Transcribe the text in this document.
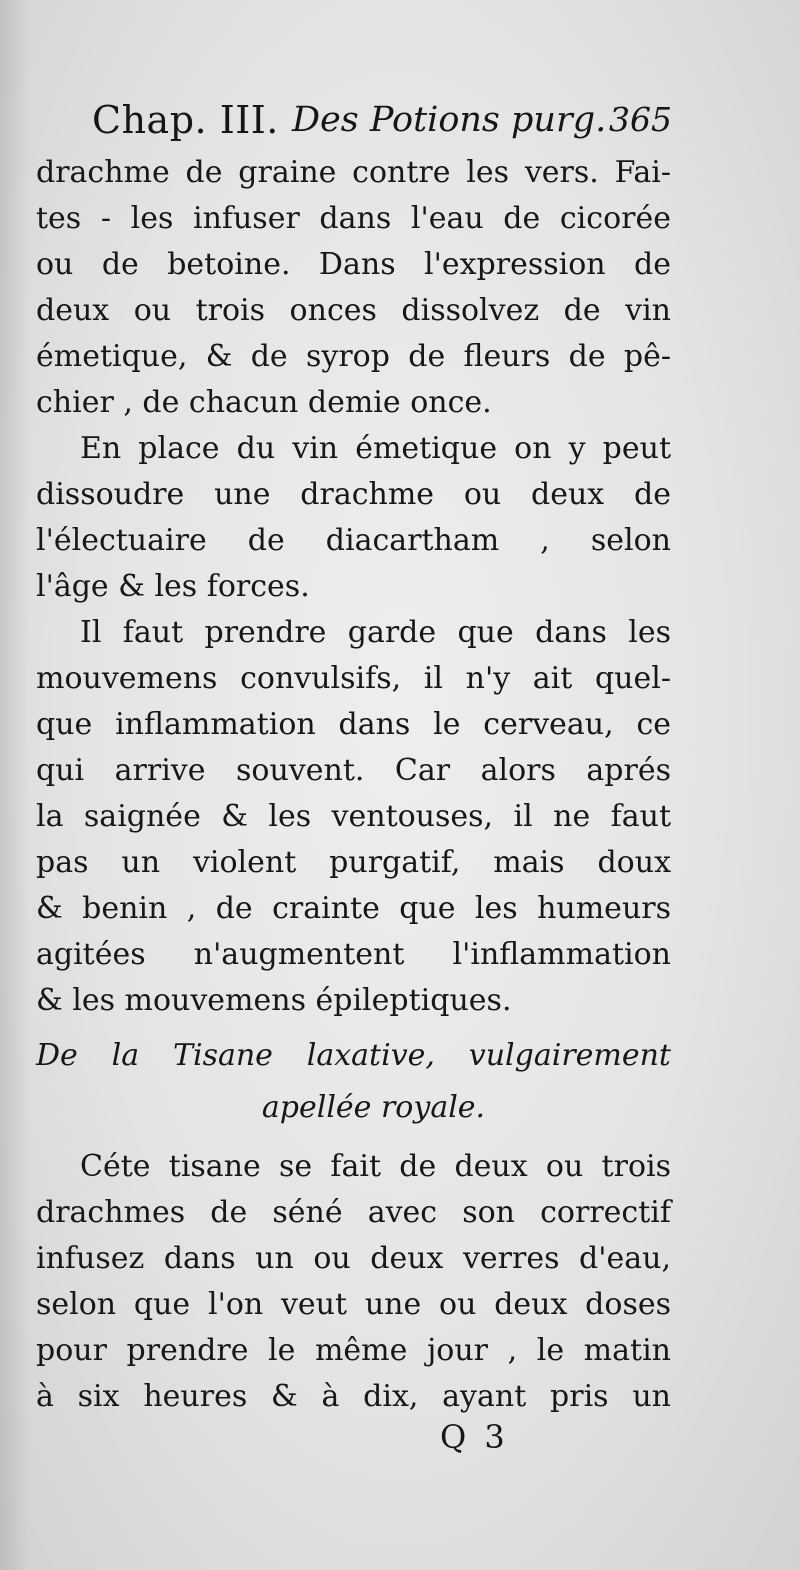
Chap. III. Des Potions purg. 365
drachme de graine contre les vers. Fai-
tes - les infuser dans l'eau de cicorée
ou de betoine. Dans l'expression de
deux ou trois onces dissolvez de vin
émetique, & de syrop de fleurs de pê-
chier , de chacun demie once.
En place du vin émetique on y peut
dissoudre une drachme ou deux de
l'électuaire de diacartham , selon
l'âge & les forces.
Il faut prendre garde que dans les
mouvemens convulsifs, il n'y ait quel-
que inflammation dans le cerveau, ce
qui arrive souvent. Car alors aprés
la saignée & les ventouses, il ne faut
pas un violent purgatif, mais doux
& benin , de crainte que les humeurs
agitées n'augmentent l'inflammation
& les mouvemens épileptiques.
De la Tisane laxative, vulgairement
apellée royale.
Céte tisane se fait de deux ou trois
drachmes de séné avec son correctif
infusez dans un ou deux verres d'eau,
selon que l'on veut une ou deux doses
pour prendre le même jour , le matin
à six heures & à dix, ayant pris un
Q 3
